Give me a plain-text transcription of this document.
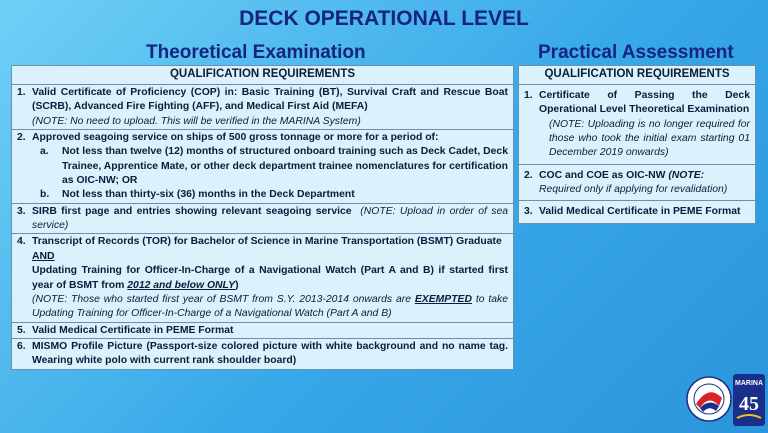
DECK OPERATIONAL LEVEL
Theoretical Examination	Practical Assessment
QUALIFICATION REQUIREMENTS

1. Valid Certificate of Proficiency (COP) in: Basic Training (BT), Survival Craft and Rescue Boat (SCRB), Advanced Fire Fighting (AFF), and Medical First Aid (MEFA)
(NOTE: No need to upload. This will be verified in the MARINA System)

2. Approved seagoing service on ships of 500 gross tonnage or more for a period of:
a.	Not less than twelve (12) months of structured onboard training such as Deck Cadet, Deck Trainee, Apprentice Mate, or other deck department trainee nomenclatures for certification as OIC-NW; OR
b.	Not less than thirty-six (36) months in the Deck Department

3. SIRB first page and entries showing relevant seagoing service (NOTE: Upload in order of sea service)

4. Transcript of Records (TOR) for Bachelor of Science in Marine Transportation (BSMT) Graduate
AND
Updating Training for Officer-In-Charge of a Navigational Watch (Part A and B) if started first year of BSMT from 2012 and below ONLY)
(NOTE: Those who started first year of BSMT from S.Y. 2013-2014 onwards are EXEMPTED to take Updating Training for Officer-In-Charge of a Navigational Watch (Part A and B)

5. Valid Medical Certificate in PEME Format

6. MISMO Profile Picture (Passport-size colored picture with white background and no name tag. Wearing white polo with current rank shoulder board)
QUALIFICATION REQUIREMENTS

1. Certificate of Passing the Deck Operational Level Theoretical Examination
(NOTE: Uploading is no longer required for those who took the initial exam starting 01 December 2019 onwards)

2. COC and COE as OIC-NW (NOTE:
Required only if applying for revalidation)

3. Valid Medical Certificate in PEME Format
MARINA
45
